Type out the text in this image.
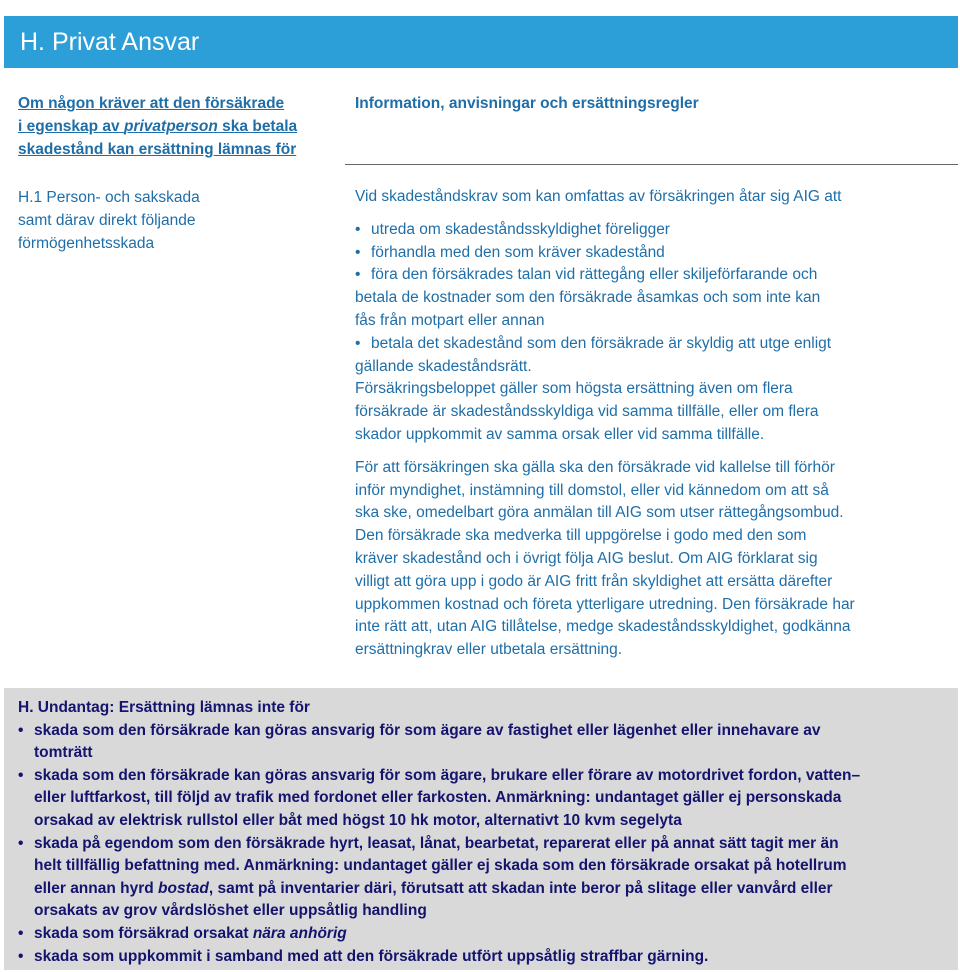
H. Privat Ansvar
Om någon kräver att den försäkrade
i egenskap av privatperson ska betala
skadestånd kan ersättning lämnas för
Information, anvisningar och ersättningsregler
H.1 Person- och sakskada
samt därav direkt följande
förmögenhetsskada
Vid skadeståndskrav som kan omfattas av försäkringen åtar sig AIG att
• utreda om skadeståndsskyldighet föreligger
• förhandla med den som kräver skadestånd
• föra den försäkrades talan vid rättegång eller skiljeförfarande och
betala de kostnader som den försäkrade åsamkas och som inte kan
fås från motpart eller annan
• betala det skadestånd som den försäkrade är skyldig att utge enligt
gällande skadeståndsrätt.
Försäkringsbeloppet gäller som högsta ersättning även om flera
försäkrade är skadeståndsskyldiga vid samma tillfälle, eller om flera
skador uppkommit av samma orsak eller vid samma tillfälle.
För att försäkringen ska gälla ska den försäkrade vid kallelse till förhör
inför myndighet, instämning till domstol, eller vid kännedom om att så
ska ske, omedelbart göra anmälan till AIG som utser rättegångsombud.
Den försäkrade ska medverka till uppgörelse i godo med den som
kräver skadestånd och i övrigt följa AIG beslut. Om AIG förklarat sig
villigt att göra upp i godo är AIG fritt från skyldighet att ersätta därefter
uppkommen kostnad och företa ytterligare utredning. Den försäkrade har
inte rätt att, utan AIG tillåtelse, medge skadeståndsskyldighet, godkänna
ersättningkrav eller utbetala ersättning.
H. Undantag: Ersättning lämnas inte för
• skada som den försäkrade kan göras ansvarig för som ägare av fastighet eller lägenhet eller innehavare av
tomträtt
• skada som den försäkrade kan göras ansvarig för som ägare, brukare eller förare av motordrivet fordon, vatten–
eller luftfarkost, till följd av trafik med fordonet eller farkosten. Anmärkning: undantaget gäller ej personskada
orsakad av elektrisk rullstol eller båt med högst 10 hk motor, alternativt 10 kvm segelyta
• skada på egendom som den försäkrade hyrt, leasat, lånat, bearbetat, reparerat eller på annat sätt tagit mer än
helt tillfällig befattning med. Anmärkning: undantaget gäller ej skada som den försäkrade orsakat på hotellrum
eller annan hyrd bostad, samt på inventarier däri, förutsatt att skadan inte beror på slitage eller vanvård eller
orsakats av grov vårdslöshet eller uppsåtlig handling
• skada som försäkrad orsakat nära anhörig
• skada som uppkommit i samband med att den försäkrade utfört uppsåtlig straffbar gärning.
